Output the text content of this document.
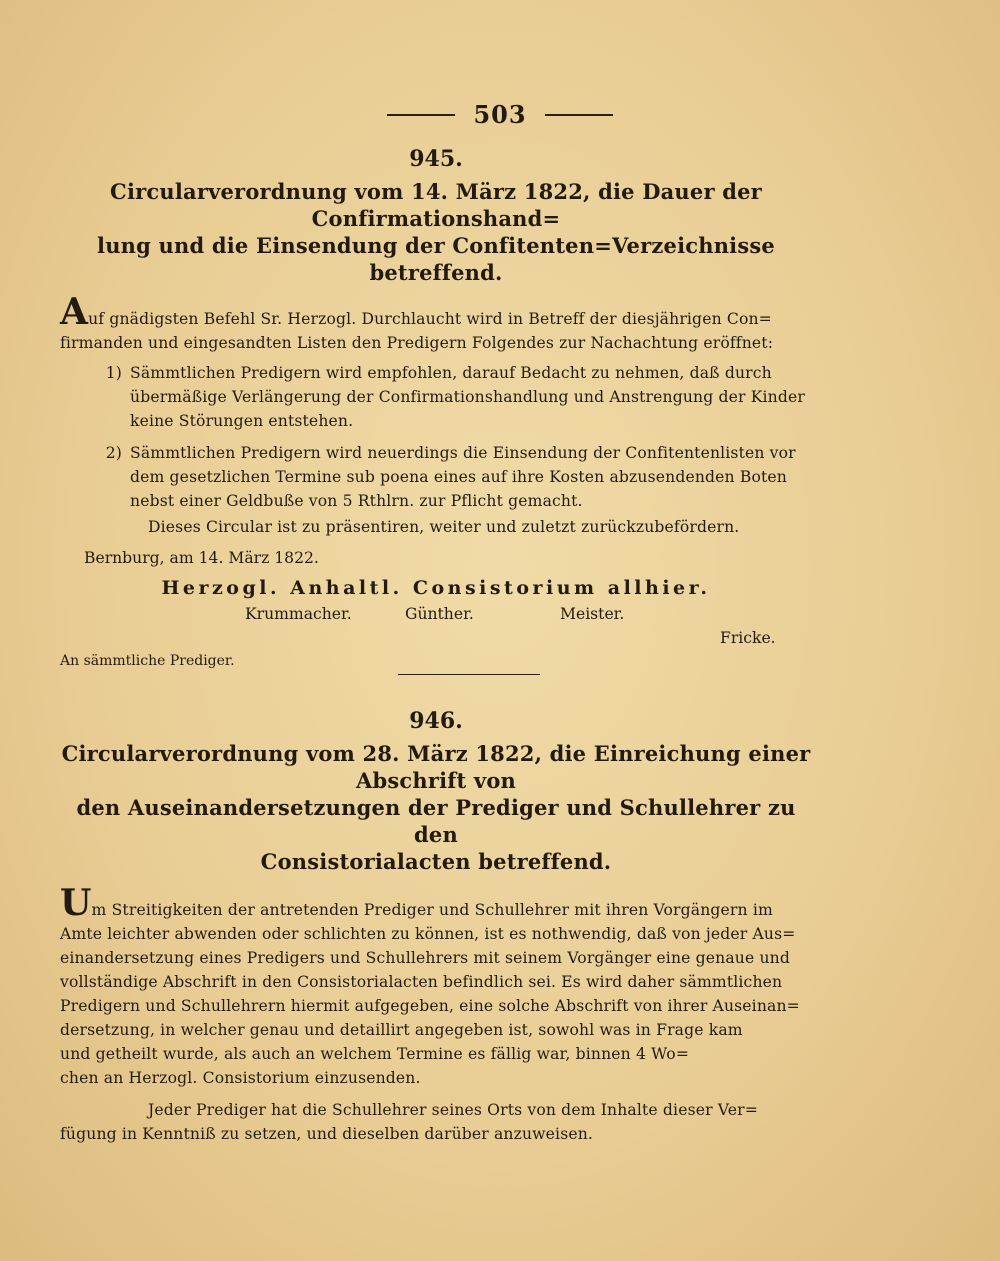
503
945.
Circularverordnung vom 14. März 1822, die Dauer der Confirmationshand=
lung und die Einsendung der Confitenten=Verzeichnisse
betreffend.
Auf gnädigsten Befehl Sr. Herzogl. Durchlaucht wird in Betreff der diesjährigen Con=
firmanden und eingesandten Listen den Predigern Folgendes zur Nachachtung eröffnet:
1) Sämmtlichen Predigern wird empfohlen, darauf Bedacht zu nehmen, daß durch
übermäßige Verlängerung der Confirmationshandlung und Anstrengung der Kinder
keine Störungen entstehen.
2) Sämmtlichen Predigern wird neuerdings die Einsendung der Confitentenlisten vor
dem gesetzlichen Termine sub poena eines auf ihre Kosten abzusendenden Boten
nebst einer Geldbuße von 5 Rthlrn. zur Pflicht gemacht.
Dieses Circular ist zu präsentiren, weiter und zuletzt zurückzubefördern.
Bernburg, am 14. März 1822.
Herzogl. Anhaltl. Consistorium allhier.
Krummacher.	Günther.	Meister.
Fricke.
An sämmtliche Prediger.
946.
Circularverordnung vom 28. März 1822, die Einreichung einer Abschrift von
den Auseinandersetzungen der Prediger und Schullehrer zu den
Consistorialacten betreffend.
Um Streitigkeiten der antretenden Prediger und Schullehrer mit ihren Vorgängern im
Amte leichter abwenden oder schlichten zu können, ist es nothwendig, daß von jeder Aus=
einandersetzung eines Predigers und Schullehrers mit seinem Vorgänger eine genaue und
vollständige Abschrift in den Consistorialacten befindlich sei. Es wird daher sämmtlichen
Predigern und Schullehrern hiermit aufgegeben, eine solche Abschrift von ihrer Auseinan=
dersetzung, in welcher genau und detaillirt angegeben ist, sowohl was in Frage kam
und getheilt wurde, als auch an welchem Termine es fällig war, binnen 4 Wo=
chen an Herzogl. Consistorium einzusenden.
Jeder Prediger hat die Schullehrer seines Orts von dem Inhalte dieser Ver=
fügung in Kenntniß zu setzen, und dieselben darüber anzuweisen.
